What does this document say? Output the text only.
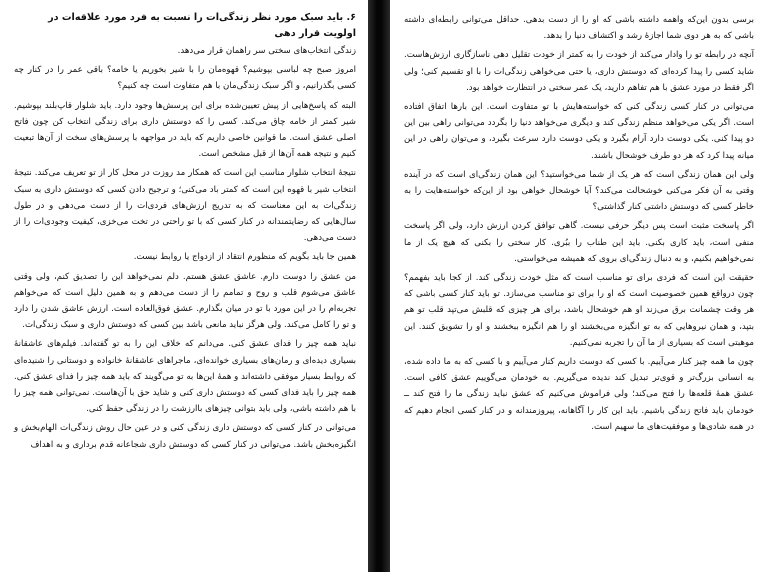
۶. باید سبک مورد نظر زندگی‌ات را نسبت به فرد مورد علاقه‌ات در اولویت قرار دهی

زندگی انتخاب‌های سختی سر راهمان قرار می‌دهد.

امروز صبح چه لباسی بپوشیم؟ قهوه‌مان را با شیر بخوریم یا خامه؟ باقی عمر را در کنار چه کسی بگذرانیم، و اگر سبک زندگی‌مان با هم متفاوت است چه کنیم؟

البته که پاسخ‌هایی از پیش تعیین‌شده برای این پرسش‌ها وجود دارد. باید شلوار قاپ‌بلند بپوشیم. شیر کمتر از خامه چاق می‌کند. کسی را که دوستش داری برای زندگی انتخاب کن چون فاتح اصلی عشق است. ما قوانین خاصی داریم که باید در مواجهه با پرسش‌های سخت از آن‌ها تبعیت کنیم و نتیجه همه آن‌ها از قبل مشخص است.

نتیجهٔ انتخاب شلوار مناسب این است که همکار مد روزت در محل کار از تو تعریف می‌کند. نتیجهٔ انتخاب شیر با قهوه این است که کمتر باد می‌کنی؛ و ترجیح دادن کسی که دوستش داری به سبک زندگی‌ات به این معناست که به تدریج ارزش‌های فردی‌ات را از دست می‌دهی و در طول سال‌هایی که رضایتمندانه در کنار کسی که با تو راحتی در تخت می‌خزی، کیفیت وجودی‌ات را از دست می‌دهی.

همین جا باید بگویم که منظورم انتقاد از ازدواج یا روابط نیست.

من عشق را دوست دارم. عاشق عشق هستم. دلم نمی‌خواهد این را تصدیق کنم، ولی وقتی عاشق می‌شوم قلب و روح و تمامم را از دست می‌دهم و به همین دلیل است که می‌خواهم تجربه‌ام را در این مورد با تو در میان بگذارم. عشق فوق‌العاده است. ارزش عاشق شدن را دارد و تو را کامل می‌کند. ولی هرگز نباید مانعی باشد بین کسی که دوستش داری و سبک زندگی‌ات.

نباید همه چیز را فدای عشق کنی. می‌دانم که خلاف این را به تو گفته‌اند. فیلم‌های عاشقانهٔ بسیاری دیده‌ای و رمان‌های بسیاری خوانده‌ای، ماجراهای عاشقانهٔ خانواده و دوستانی را شنیده‌ای که روابط بسیار موفقی داشته‌اند و همهٔ این‌ها به تو می‌گویند که باید همه چیز را فدای عشق کنی. همه چیز را باید فدای کسی که دوستش داری کنی و شاید حق با آن‌هاست. نمی‌توانی همه چیز را با هم داشته باشی، ولی باید بتوانی چیزهای باارزشت را در زندگی حفظ کنی.

می‌توانی در کنار کسی که دوستش داری زندگی کنی و در عین حال روش زندگی‌ات الهام‌بخش و انگیزه‌بخش باشد. می‌توانی در کنار کسی که دوستش داری شجاعانه قدم برداری و به اهداف

برسی بدون این‌که واهمه داشته باشی که او را از دست بدهی. حداقل می‌توانی رابطه‌ای داشته باشی که به هر دوی شما اجازهٔ رشد و اکتشاف دنیا را بدهد.

آنچه در رابطه تو را وادار می‌کند از خودت را به کمتر از خودت تقلیل دهی ناسازگاری ارزش‌هاست. شاید کسی را پیدا کرده‌ای که دوستش داری، یا حتی می‌خواهی زندگی‌ات را با او تقسیم کنی؛ ولی اگر فقط در مورد عشق با هم تفاهم دارید، یک عمر سختی در انتظارت خواهد بود.

می‌توانی در کنار کسی زندگی کنی که خواسته‌هایش با تو متفاوت است. این بارها اتفاق افتاده است. اگر یکی می‌خواهد منظم زندگی کند و دیگری می‌خواهد دنیا را بگردد می‌توانی راهی بین این دو پیدا کنی. یکی دوست دارد آرام بگیرد و یکی دوست دارد سرعت بگیرد، و می‌توان راهی در این میانه پیدا کرد که هر دو طرف خوشحال باشند.

ولی این همان زندگی است که هر یک از شما می‌خواستید؟ این همان زندگی‌ای است که در آینده وقتی به آن فکر می‌کنی خوشحالت می‌کند؟ آیا خوشحال خواهی بود از این‌که خواسته‌هایت را به خاطر کسی که دوستش داشتی کنار گذاشتی؟

اگر پاسخت مثبت است پس دیگر حرفی نیست. گاهی توافق کردن ارزش دارد، ولی اگر پاسخت منفی است، باید کاری بکنی. باید این طناب را ببُری. کار سختی را بکنی که هیچ یک از ما نمی‌خواهیم بکنیم، و به دنبال زندگی‌ای بروی که همیشه می‌خواستی.

حقیقت این است که فردی برای تو مناسب است که مثل خودت زندگی کند. از کجا باید بفهمم؟ چون درواقع همین خصوصیت است که او را برای تو مناسب می‌سازد. تو باید کنار کسی باشی که هر وقت چشمانت برق می‌زند او هم خوشحال باشد، برای هر چیزی که قلبش می‌تپد قلب تو هم بتپد، و همان نیروهایی که به تو انگیزه می‌بخشند او را هم انگیزه ببخشند و او را تشویق کنند. این موهبتی است که بسیاری از ما آن را تجربه نمی‌کنیم.

چون ما همه چیز کنار می‌آییم. با کسی که دوست داریم کنار می‌آییم و با کسی که به ما داده شده، به انسانی بزرگ‌تر و قوی‌تر تبدیل کند ندیده می‌گیریم. به خودمان می‌گوییم عشق کافی است. عشق همهٔ قلعه‌ها را فتح می‌کند؛ ولی فراموش می‌کنیم که عشق نباید زندگی ما را فتح کند ــ خودمان باید فاتح زندگی باشیم. باید این کار را آگاهانه، پیروزمندانه و در کنار کسی انجام دهیم که در همه شادی‌ها و موفقیت‌های ما سهیم است.
